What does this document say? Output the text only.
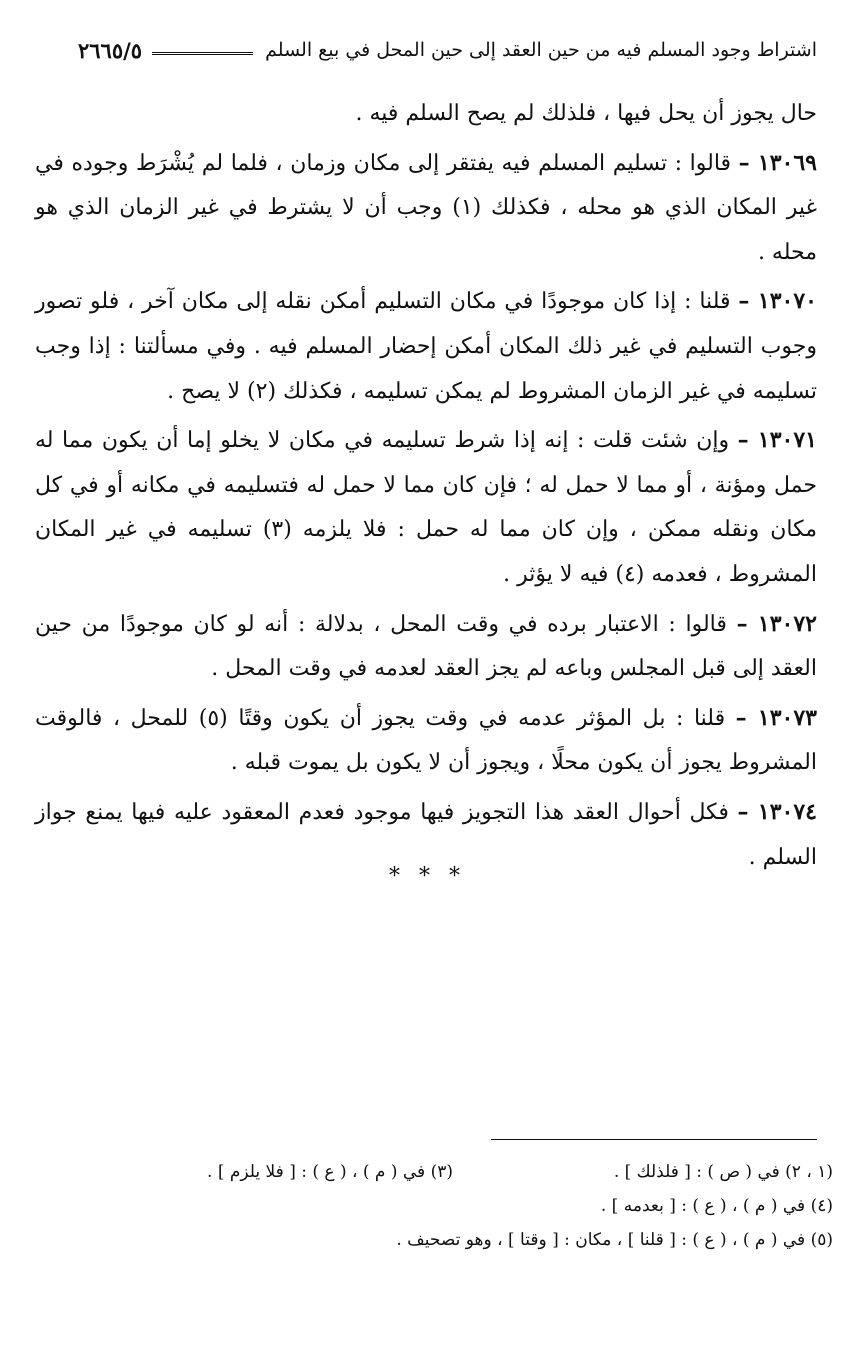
اشتراط وجود المسلم فيه من حين العقد إلى حين المحل في بيع السلم
٢٦٦٥/٥

حال يجوز أن يحل فيها ، فلذلك لم يصح السلم فيه .

١٣٠٦٩ – قالوا : تسليم المسلم فيه يفتقر إلى مكان وزمان ، فلما لم يُشْرَط وجوده في غير المكان الذي هو محله ، فكذلك (١) وجب أن لا يشترط في غير الزمان الذي هو محله .

١٣٠٧٠ – قلنا : إذا كان موجودًا في مكان التسليم أمكن نقله إلى مكان آخر ، فلو تصور وجوب التسليم في غير ذلك المكان أمكن إحضار المسلم فيه . وفي مسألتنا : إذا وجب تسليمه في غير الزمان المشروط لم يمكن تسليمه ، فكذلك (٢) لا يصح .

١٣٠٧١ – وإن شئت قلت : إنه إذا شرط تسليمه في مكان لا يخلو إما أن يكون مما له حمل ومؤنة ، أو مما لا حمل له ؛ فإن كان مما لا حمل له فتسليمه في مكانه أو في كل مكان ونقله ممكن ، وإن كان مما له حمل : فلا يلزمه (٣) تسليمه في غير المكان المشروط ، فعدمه (٤) فيه لا يؤثر .

١٣٠٧٢ – قالوا : الاعتبار برده في وقت المحل ، بدلالة : أنه لو كان موجودًا من حين العقد إلى قبل المجلس وباعه لم يجز العقد لعدمه في وقت المحل .

١٣٠٧٣ – قلنا : بل المؤثر عدمه في وقت يجوز أن يكون وقتًا (٥) للمحل ، فالوقت المشروط يجوز أن يكون محلًا ، ويجوز أن لا يكون بل يموت قبله .

١٣٠٧٤ – فكل أحوال العقد هذا التجويز فيها موجود فعدم المعقود عليه فيها يمنع جواز السلم .

* * *
(١ ، ٢) في ( ص ) : [ فلذلك ] .
(٣) في ( م ) ، ( ع ) : [ فلا يلزم ] .
(٤) في ( م ) ، ( ع ) : [ بعدمه ] .
(٥) في ( م ) ، ( ع ) : [ قلنا ] ، مكان : [ وقتا ] ، وهو تصحيف .
